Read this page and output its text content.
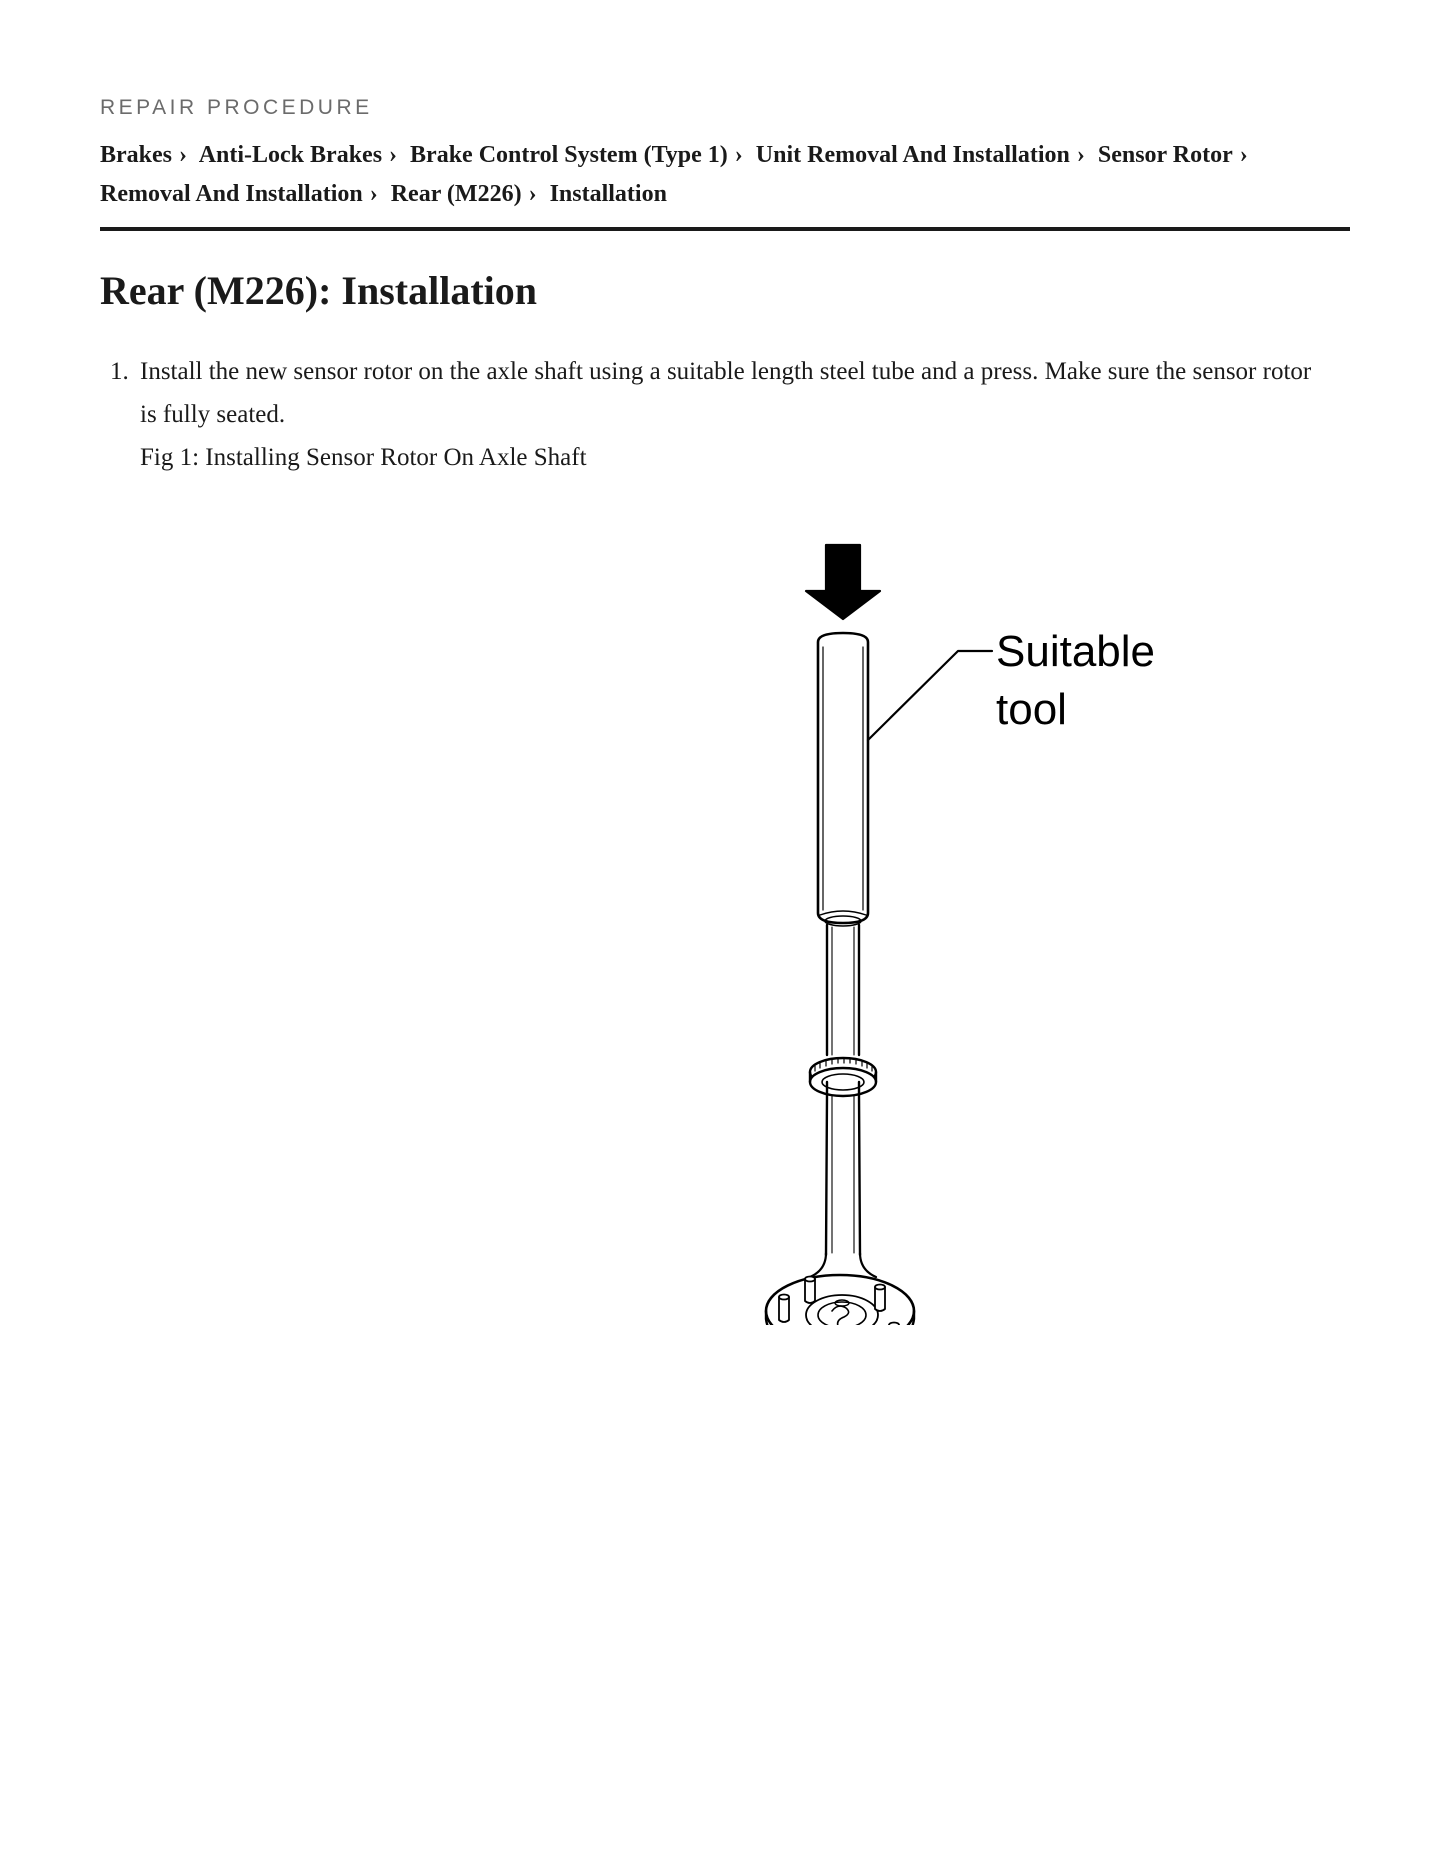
REPAIR PROCEDURE
Brakes › Anti-Lock Brakes › Brake Control System (Type 1) › Unit Removal And Installation › Sensor Rotor › Removal And Installation › Rear (M226) › Installation
Rear (M226): Installation
1. Install the new sensor rotor on the axle shaft using a suitable length steel tube and a press. Make sure the sensor rotor is fully seated.
Fig 1: Installing Sensor Rotor On Axle Shaft
Suitable
tool
